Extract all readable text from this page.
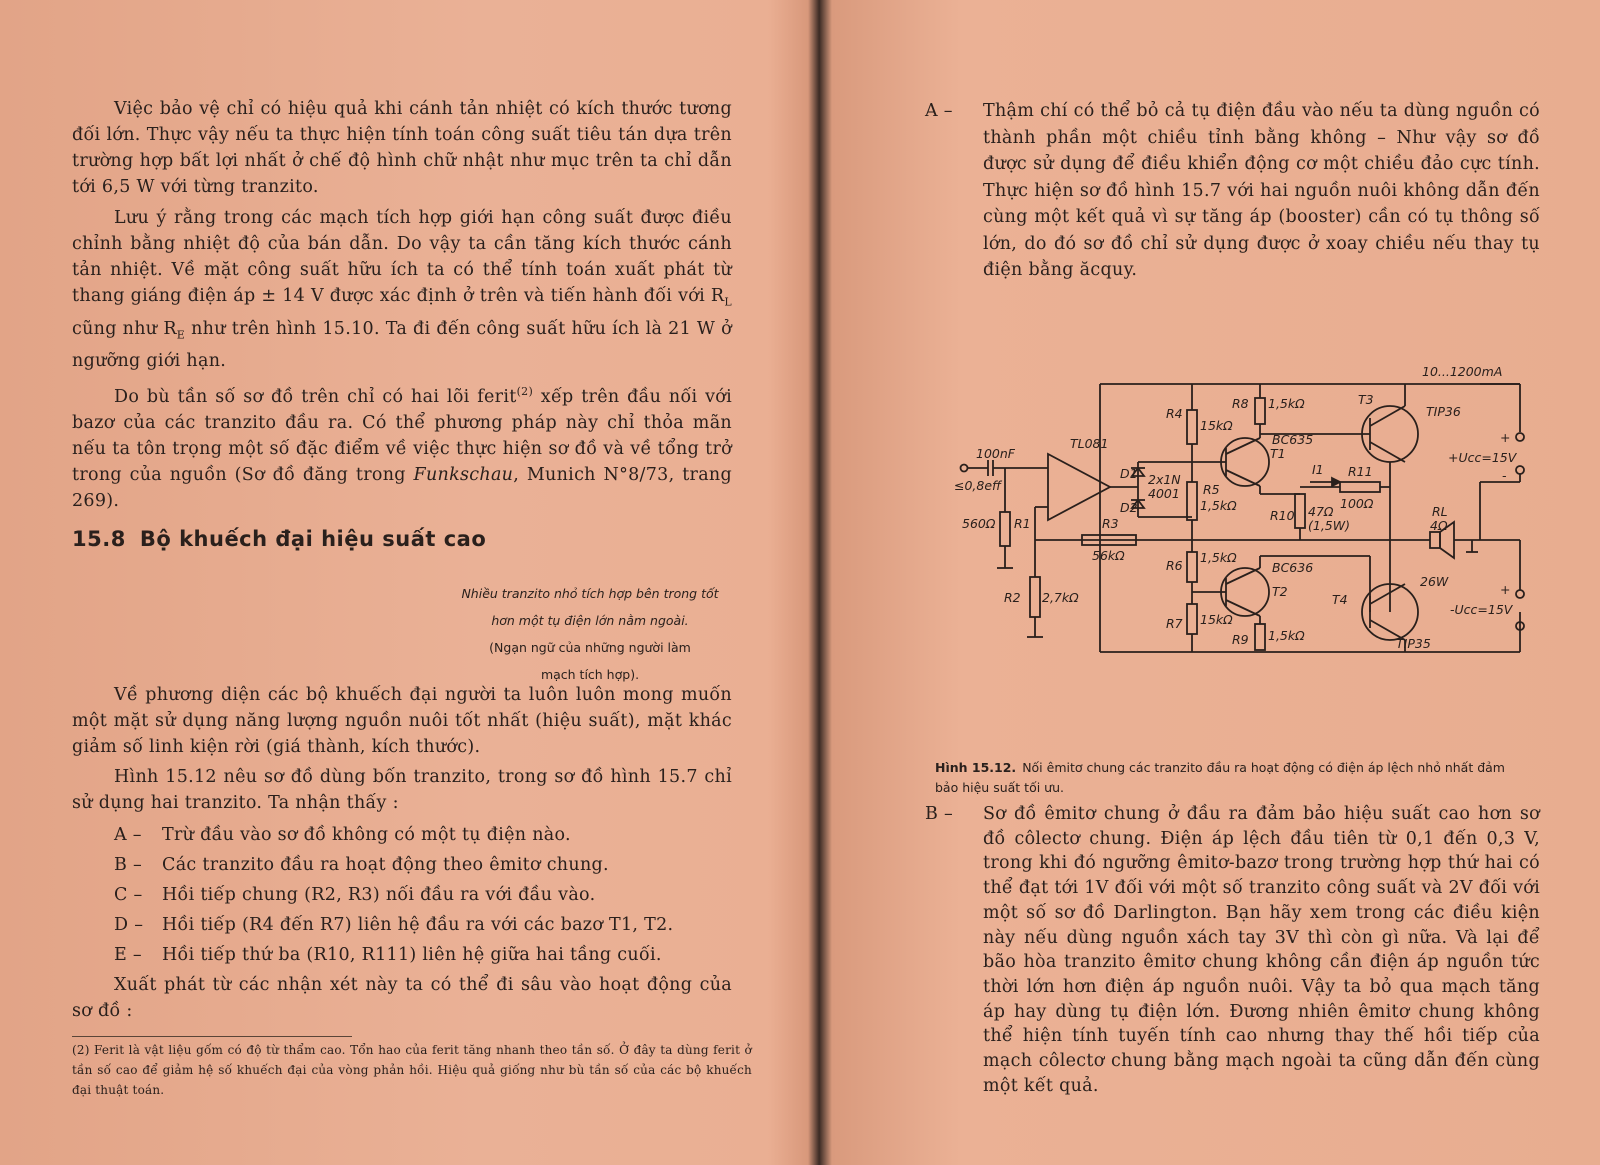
Việc bảo vệ chỉ có hiệu quả khi cánh tản nhiệt có kích thước tương đối lớn. Thực vậy nếu ta thực hiện tính toán công suất tiêu tán dựa trên trường hợp bất lợi nhất ở chế độ hình chữ nhật như mục trên ta chỉ dẫn tới 6,5 W với từng tranzito.

Lưu ý rằng trong các mạch tích hợp giới hạn công suất được điều chỉnh bằng nhiệt độ của bán dẫn. Do vậy ta cần tăng kích thước cánh tản nhiệt. Về mặt công suất hữu ích ta có thể tính toán xuất phát từ thang giáng điện áp ± 14 V được xác định ở trên và tiến hành đối với $R_L$ cũng như $R_E$ như trên hình 15.10. Ta đi đến công suất hữu ích là 21 W ở ngưỡng giới hạn.

Do bù tần số sơ đồ trên chỉ có hai lõi ferit$^{(2)}$ xếp trên đầu nối với bazơ của các tranzito đầu ra. Có thể phương pháp này chỉ thỏa mãn nếu ta tôn trọng một số đặc điểm về việc thực hiện sơ đồ và về tổng trở trong của nguồn (Sơ đồ đăng trong Funkschau, Munich N°8/73, trang 269).

15.8 Bộ khuếch đại hiệu suất cao
Nhiều tranzito nhỏ tích hợp bên trong tốt
hơn một tụ điện lớn nằm ngoài.
(Ngạn ngữ của những người làm
mạch tích hợp).

Về phương diện các bộ khuếch đại người ta luôn luôn mong muốn một mặt sử dụng năng lượng nguồn nuôi tốt nhất (hiệu suất), mặt khác giảm số linh kiện rời (giá thành, kích thước).

Hình 15.12 nêu sơ đồ dùng bốn tranzito, trong sơ đồ hình 15.7 chỉ sử dụng hai tranzito. Ta nhận thấy :

A – Trừ đầu vào sơ đồ không có một tụ điện nào.
B – Các tranzito đầu ra hoạt động theo êmitơ chung.
C – Hồi tiếp chung (R2, R3) nối đầu ra với đầu vào.
D – Hồi tiếp (R4 đến R7) liên hệ đầu ra với các bazơ T1, T2.
E – Hồi tiếp thứ ba (R10, R111) liên hệ giữa hai tầng cuối.

Xuất phát từ các nhận xét này ta có thể đi sâu vào hoạt động của sơ đồ :

(2) Ferit là vật liệu gốm có độ từ thẩm cao. Tổn hao của ferit tăng nhanh theo tần số. Ở đây ta dùng ferit ở tần số cao để giảm hệ số khuếch đại của vòng phản hồi. Hiệu quả giống như bù tần số của các bộ khuếch đại thuật toán.

A – Thậm chí có thể bỏ cả tụ điện đầu vào nếu ta dùng nguồn có thành phần một chiều tỉnh bằng không – Như vậy sơ đồ được sử dụng để điều khiển động cơ một chiều đảo cực tính. Thực hiện sơ đồ hình 15.7 với hai nguồn nuôi không dẫn đến cùng một kết quả vì sự tăng áp (booster) cần có tụ thông số lớn, do đó sơ đồ chỉ sử dụng được ở xoay chiều nếu thay tụ điện bằng ăcquy.

10...1200mA
100nF
≤0,8eff
TL081
560Ω R1
R2 2,7kΩ
R3
56kΩ
D1
D2
2x1N
4001
R4
15kΩ
R5
1,5kΩ
R6
1,5kΩ
R7 15kΩ
R8 1,5kΩ
R9 1,5kΩ
R10 47Ω
(1,5W)
R11
100Ω
I1
T1
BC635
T2
BC636
T3
TIP36
T4
TIP35
RL
4Ω
26W
+Ucc=15V
-Ucc=15V
+
-
+
Hình 15.12. Nối êmitơ chung các tranzito đầu ra hoạt động có điện áp lệch nhỏ nhất đảm bảo hiệu suất tối ưu.
B – Sơ đồ êmitơ chung ở đầu ra đảm bảo hiệu suất cao hơn sơ đồ côlectơ chung. Điện áp lệch đầu tiên từ 0,1 đến 0,3 V, trong khi đó ngưỡng êmitơ-bazơ trong trường hợp thứ hai có thể đạt tới 1V đối với một số tranzito công suất và 2V đối với một số sơ đồ Darlington. Bạn hãy xem trong các điều kiện này nếu dùng nguồn xách tay 3V thì còn gì nữa. Và lại để bão hòa tranzito êmitơ chung không cần điện áp nguồn tức thời lớn hơn điện áp nguồn nuôi. Vậy ta bỏ qua mạch tăng áp hay dùng tụ điện lớn. Đương nhiên êmitơ chung không thể hiện tính tuyến tính cao nhưng thay thế hồi tiếp của mạch côlectơ chung bằng mạch ngoài ta cũng dẫn đến cùng một kết quả.
